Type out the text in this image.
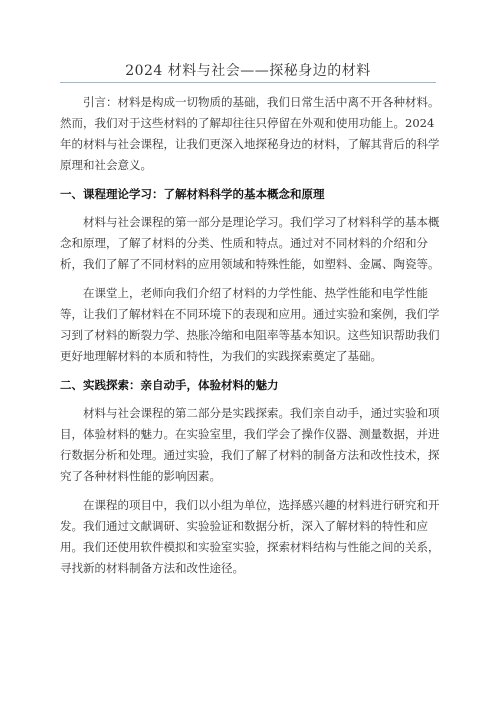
2024 材料与社会——探秘身边的材料

引言：材料是构成一切物质的基础，我们日常生活中离不开各种材料。然而，我们对于这些材料的了解却往往只停留在外观和使用功能上。2024 年的材料与社会课程，让我们更深入地探秘身边的材料，了解其背后的科学原理和社会意义。

一、课程理论学习：了解材料科学的基本概念和原理

材料与社会课程的第一部分是理论学习。我们学习了材料科学的基本概念和原理，了解了材料的分类、性质和特点。通过对不同材料的介绍和分析，我们了解了不同材料的应用领域和特殊性能，如塑料、金属、陶瓷等。

在课堂上，老师向我们介绍了材料的力学性能、热学性能和电学性能等，让我们了解材料在不同环境下的表现和应用。通过实验和案例，我们学习到了材料的断裂力学、热胀冷缩和电阻率等基本知识。这些知识帮助我们更好地理解材料的本质和特性，为我们的实践探索奠定了基础。

二、实践探索：亲自动手，体验材料的魅力

材料与社会课程的第二部分是实践探索。我们亲自动手，通过实验和项目，体验材料的魅力。在实验室里，我们学会了操作仪器、测量数据，并进行数据分析和处理。通过实验，我们了解了材料的制备方法和改性技术，探究了各种材料性能的影响因素。

在课程的项目中，我们以小组为单位，选择感兴趣的材料进行研究和开发。我们通过文献调研、实验验证和数据分析，深入了解材料的特性和应用。我们还使用软件模拟和实验室实验，探索材料结构与性能之间的关系，寻找新的材料制备方法和改性途径。
